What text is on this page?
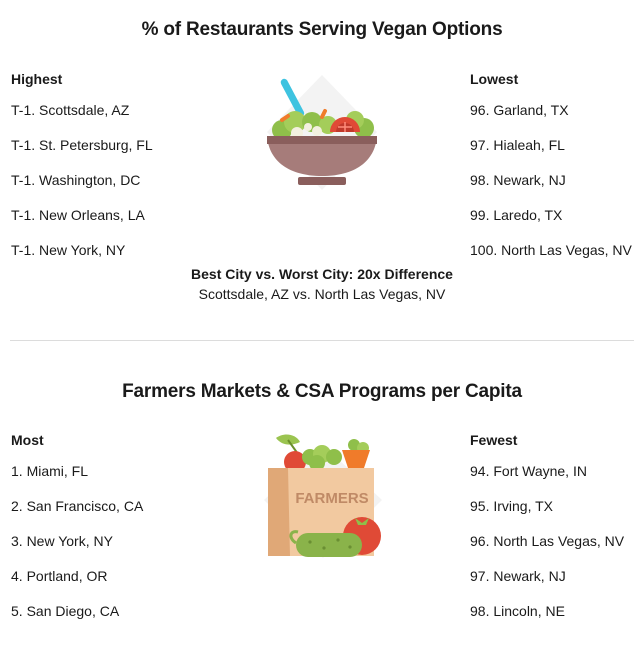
% of Restaurants Serving Vegan Options
Highest
T-1. Scottsdale, AZ
T-1. St. Petersburg, FL
T-1. Washington, DC
T-1. New Orleans, LA
T-1. New York, NY
Lowest
96. Garland, TX
97. Hialeah, FL
98. Newark, NJ
99. Laredo, TX
100. North Las Vegas, NV
Best City vs. Worst City: 20x Difference
Scottsdale, AZ vs. North Las Vegas, NV
Farmers Markets & CSA Programs per Capita
Most
1. Miami, FL
2. San Francisco, CA
3. New York, NY
4. Portland, OR
5. San Diego, CA
Fewest
94. Fort Wayne, IN
95. Irving, TX
96. North Las Vegas, NV
97. Newark, NJ
98. Lincoln, NE
FARMERS
